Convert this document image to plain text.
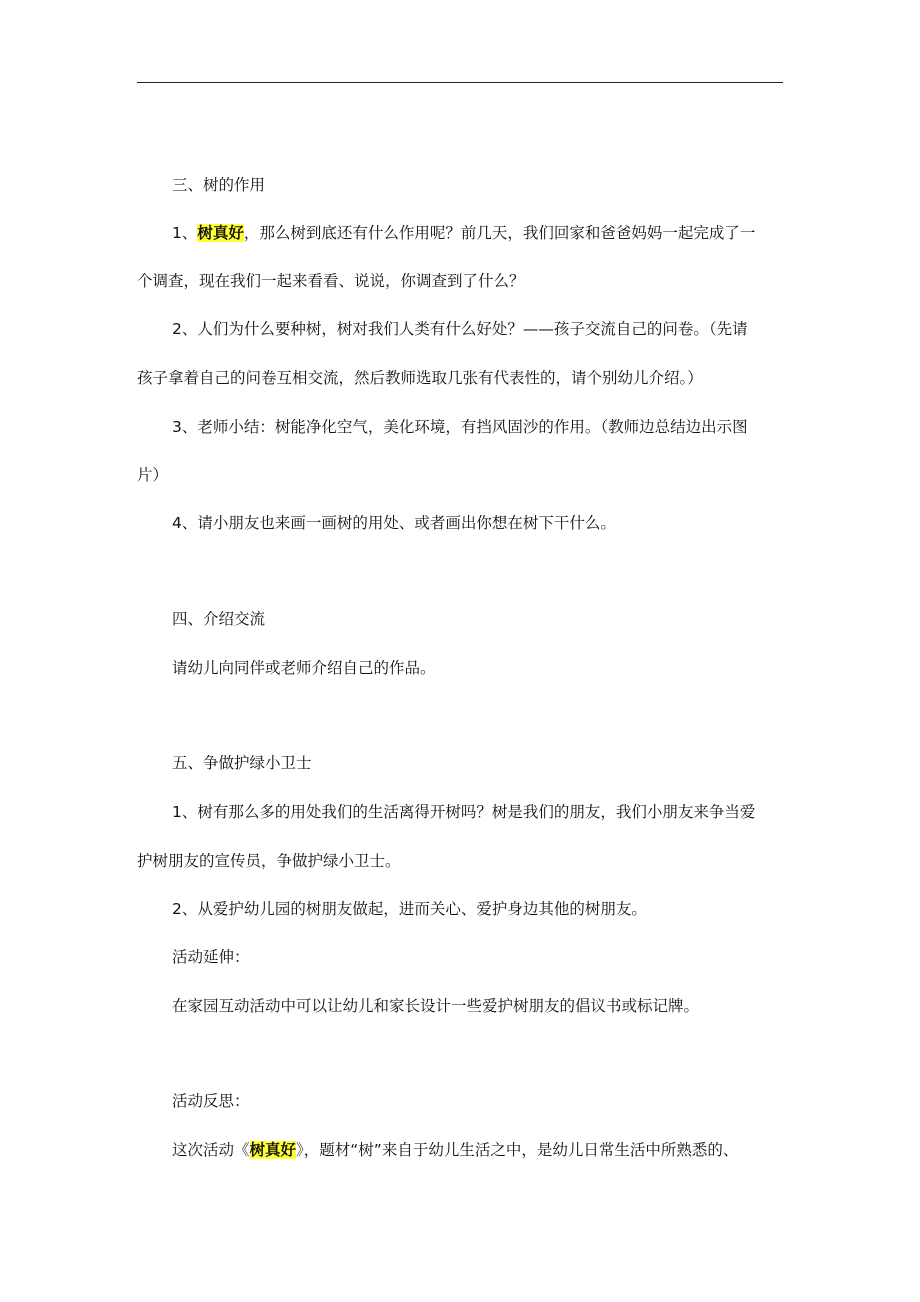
三、树的作用
1、树真好，那么树到底还有什么作用呢？前几天，我们回家和爸爸妈妈一起完成了一
个调查，现在我们一起来看看、说说，你调查到了什么？
2、人们为什么要种树，树对我们人类有什么好处？——孩子交流自己的问卷。（先请
孩子拿着自己的问卷互相交流，然后教师选取几张有代表性的，请个别幼儿介绍。）
3、老师小结：树能净化空气，美化环境，有挡风固沙的作用。（教师边总结边出示图
片）
4、请小朋友也来画一画树的用处、或者画出你想在树下干什么。
四、介绍交流
请幼儿向同伴或老师介绍自己的作品。
五、争做护绿小卫士
1、树有那么多的用处我们的生活离得开树吗？树是我们的朋友，我们小朋友来争当爱
护树朋友的宣传员，争做护绿小卫士。
2、从爱护幼儿园的树朋友做起，进而关心、爱护身边其他的树朋友。
活动延伸：
在家园互动活动中可以让幼儿和家长设计一些爱护树朋友的倡议书或标记牌。
活动反思：
这次活动《树真好》，题材“树”来自于幼儿生活之中，是幼儿日常生活中所熟悉的、
